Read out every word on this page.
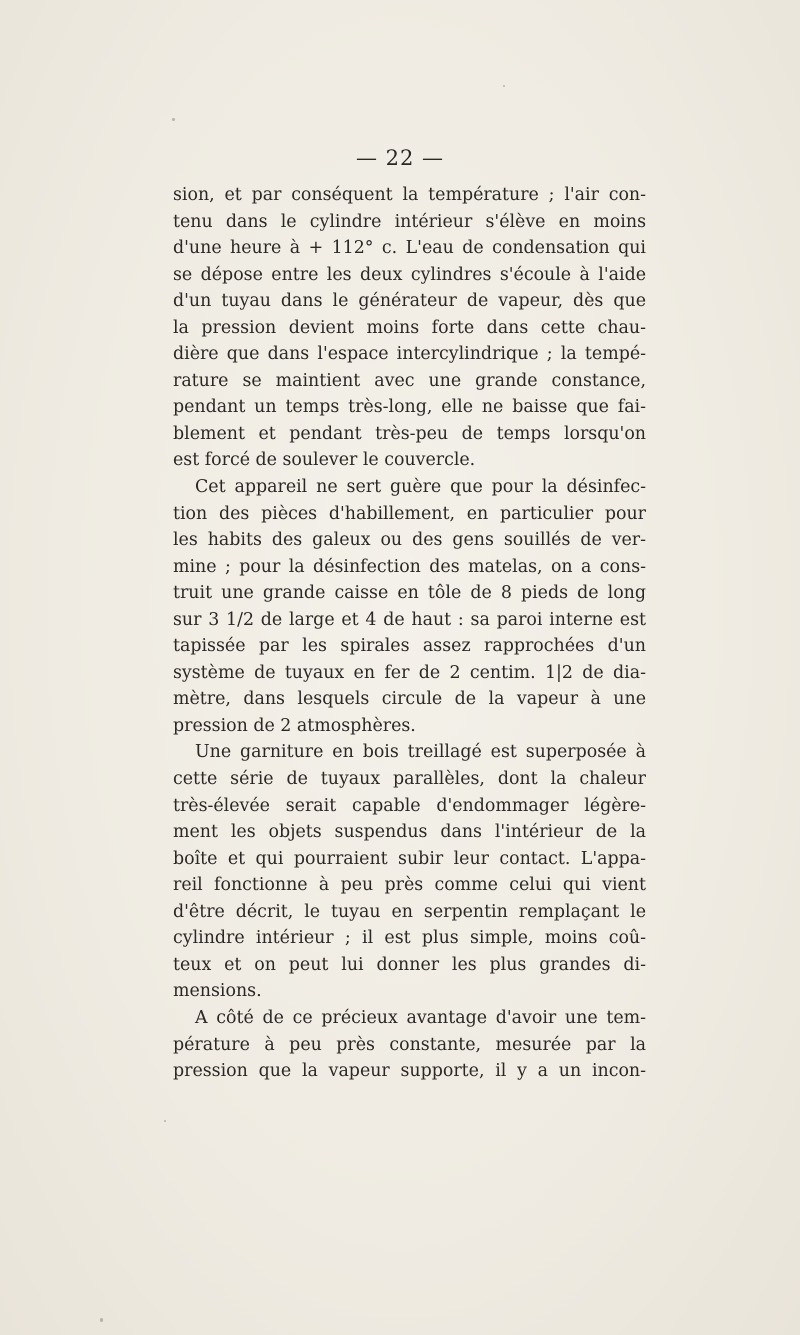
— 22 —
sion, et par conséquent la température ; l'air con-
tenu dans le cylindre intérieur s'élève en moins
d'une heure à + 112° c. L'eau de condensation qui
se dépose entre les deux cylindres s'écoule à l'aide
d'un tuyau dans le générateur de vapeur, dès que
la pression devient moins forte dans cette chau-
dière que dans l'espace intercylindrique ; la tempé-
rature se maintient avec une grande constance,
pendant un temps très-long, elle ne baisse que fai-
blement et pendant très-peu de temps lorsqu'on
est forcé de soulever le couvercle.
Cet appareil ne sert guère que pour la désinfec-
tion des pièces d'habillement, en particulier pour
les habits des galeux ou des gens souillés de ver-
mine ; pour la désinfection des matelas, on a cons-
truit une grande caisse en tôle de 8 pieds de long
sur 3 1/2 de large et 4 de haut : sa paroi interne est
tapissée par les spirales assez rapprochées d'un
système de tuyaux en fer de 2 centim. 1|2 de dia-
mètre, dans lesquels circule de la vapeur à une
pression de 2 atmosphères.
Une garniture en bois treillagé est superposée à
cette série de tuyaux parallèles, dont la chaleur
très-élevée serait capable d'endommager légère-
ment les objets suspendus dans l'intérieur de la
boîte et qui pourraient subir leur contact. L'appa-
reil fonctionne à peu près comme celui qui vient
d'être décrit, le tuyau en serpentin remplaçant le
cylindre intérieur ; il est plus simple, moins coû-
teux et on peut lui donner les plus grandes di-
mensions.
A côté de ce précieux avantage d'avoir une tem-
pérature à peu près constante, mesurée par la
pression que la vapeur supporte, il y a un incon-
